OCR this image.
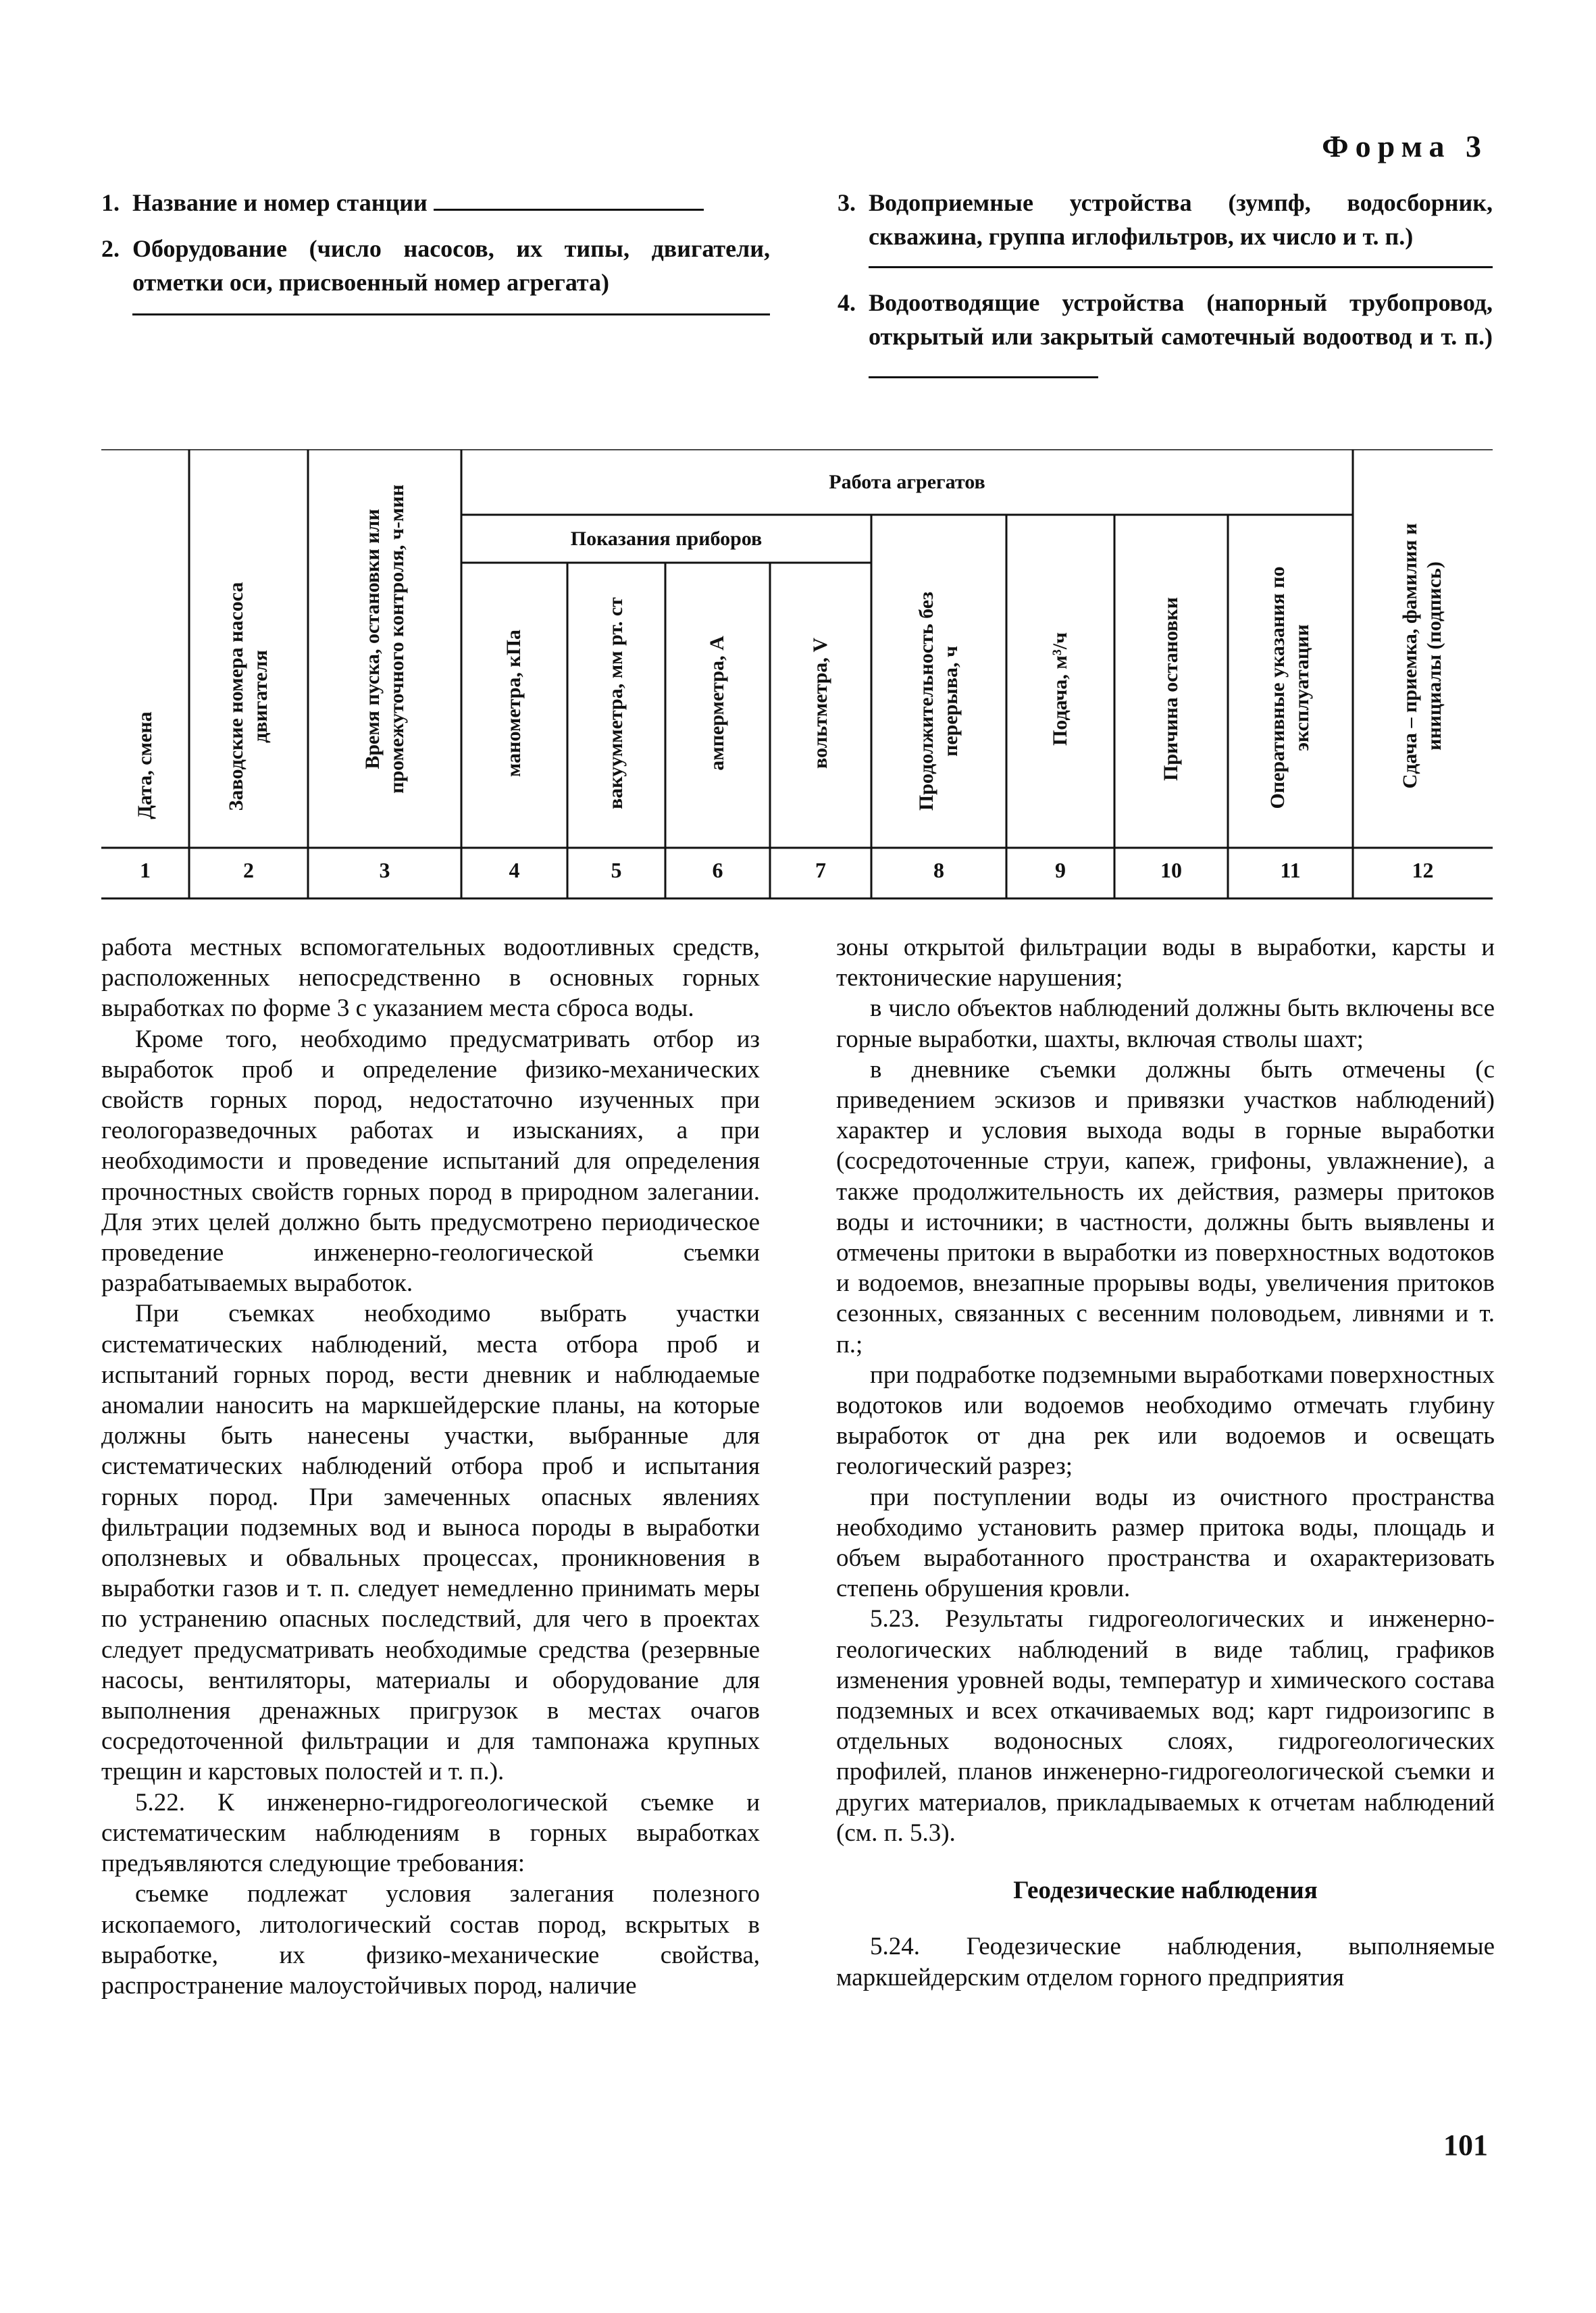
Форма 3
1. Название и номер станции
2. Оборудование (число насосов, их типы, двигатели, отметки оси, присвоенный номер агрегата)
3. Водоприемные устройства (зумпф, водосборник, скважина, группа иглофильтров, их число и т. п.)
4. Водоотводящие устройства (напорный трубопровод, открытый или закрытый самотечный водоотвод и т. п.)
Работа агрегатов
Показания приборов
Дата, смена	Заводские номера насоса двигателя	Время пуска, остановки или промежуточного контроля, ч-мин	манометра, кПа	вакуумметра, мм рт. ст	амперметра, А	вольтметра, V	Продолжительность без перерыва, ч	Подача, м³/ч	Причина остановки	Оперативные указания по эксплуатации	Сдача – приемка, фамилия и инициалы (подпись)
1	2	3	4	5	6	7	8	9	10	11	12

работа местных вспомогательных водоотливных средств, расположенных непосредственно в основных горных выработках по форме 3 с указанием места сброса воды.

Кроме того, необходимо предусматривать отбор из выработок проб и определение физико-механических свойств горных пород, недостаточно изученных при геологоразведочных работах и изысканиях, а при необходимости и проведение испытаний для определения прочностных свойств горных пород в природном залегании. Для этих целей должно быть предусмотрено периодическое проведение инженерно-геологической съемки разрабатываемых выработок.

При съемках необходимо выбрать участки систематических наблюдений, места отбора проб и испытаний горных пород, вести дневник и наблюдаемые аномалии наносить на маркшейдерские планы, на которые должны быть нанесены участки, выбранные для систематических наблюдений отбора проб и испытания горных пород. При замеченных опасных явлениях фильтрации подземных вод и выноса породы в выработки оползневых и обвальных процессах, проникновения в выработки газов и т. п. следует немедленно принимать меры по устранению опасных последствий, для чего в проектах следует предусматривать необходимые средства (резервные насосы, вентиляторы, материалы и оборудование для выполнения дренажных пригрузок в местах очагов сосредоточенной фильтрации и для тампонажа крупных трещин и карстовых полостей и т. п.).

5.22. К инженерно-гидрогеологической съемке и систематическим наблюдениям в горных выработках предъявляются следующие требования:

съемке подлежат условия залегания полезного ископаемого, литологический состав пород, вскрытых в выработке, их физико-механические свойства, распространение малоустойчивых пород, наличие

зоны открытой фильтрации воды в выработки, карсты и тектонические нарушения;

в число объектов наблюдений должны быть включены все горные выработки, шахты, включая стволы шахт;

в дневнике съемки должны быть отмечены (с приведением эскизов и привязки участков наблюдений) характер и условия выхода воды в горные выработки (сосредоточенные струи, капеж, грифоны, увлажнение), а также продолжительность их действия, размеры притоков воды и источники; в частности, должны быть выявлены и отмечены притоки в выработки из поверхностных водотоков и водоемов, внезапные прорывы воды, увеличения притоков сезонных, связанных с весенним половодьем, ливнями и т. п.;

при подработке подземными выработками поверхностных водотоков или водоемов необходимо отмечать глубину выработок от дна рек или водоемов и освещать геологический разрез;

при поступлении воды из очистного пространства необходимо установить размер притока воды, площадь и объем выработанного пространства и охарактеризовать степень обрушения кровли.

5.23. Результаты гидрогеологических и инженерно-геологических наблюдений в виде таблиц, графиков изменения уровней воды, температур и химического состава подземных и всех откачиваемых вод; карт гидроизогипс в отдельных водоносных слоях, гидрогеологических профилей, планов инженерно-гидрогеологической съемки и других материалов, прикладываемых к отчетам наблюдений (см. п. 5.3).

Геодезические наблюдения

5.24. Геодезические наблюдения, выполняемые маркшейдерским отделом горного предприятия

101
